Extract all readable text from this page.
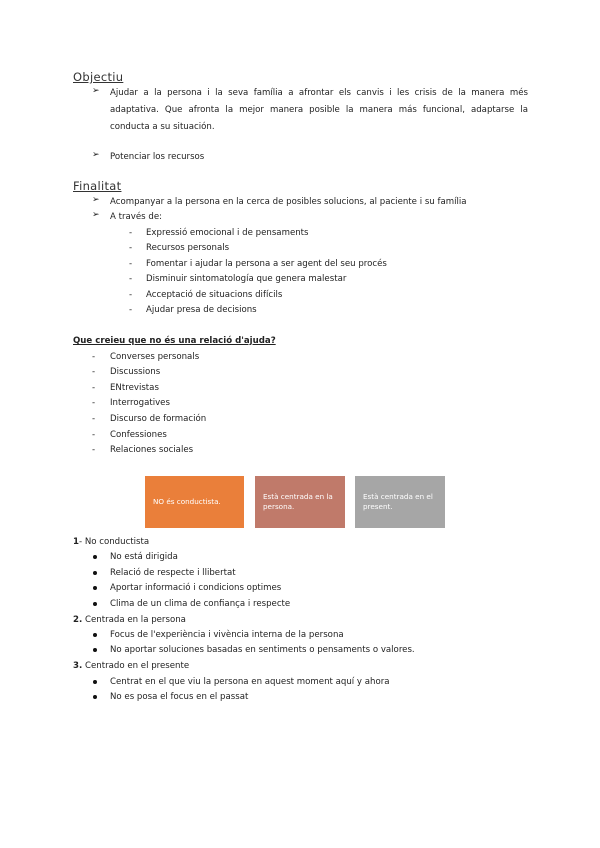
Objectiu
➢ Ajudar a la persona i la seva família a afrontar els canvis i les crisis de la manera més adaptativa. Que afronta la mejor manera posible la manera más funcional, adaptarse la conducta a su situación.
➢ Potenciar los recursos
Finalitat
➢ Acompanyar a la persona en la cerca de posibles solucions, al paciente i su família
➢ A través de:
- Expressió emocional i de pensaments
- Recursos personals
- Fomentar i ajudar la persona a ser agent del seu procés
- Disminuir sintomatología que genera malestar
- Acceptació de situacions difícils
- Ajudar presa de decisions
Que creieu que no és una relació d'ajuda?
- Converses personals
- Discussions
- ENtrevistas
- Interrogatives
- Discurso de formación
- Confessiones
- Relaciones sociales
NO és conductista.
Està centrada en la persona.
Està centrada en el present.
1- No conductista
No está dirigida
Relació de respecte i llibertat
Aportar informació i condicions optimes
Clima de un clima de confiança i respecte
2. Centrada en la persona
Focus de l'experiència i vivència interna de la persona
No aportar soluciones basadas en sentiments o pensaments o valores.
3. Centrado en el presente
Centrat en el que viu la persona en aquest moment aquí y ahora
No es posa el focus en el passat
